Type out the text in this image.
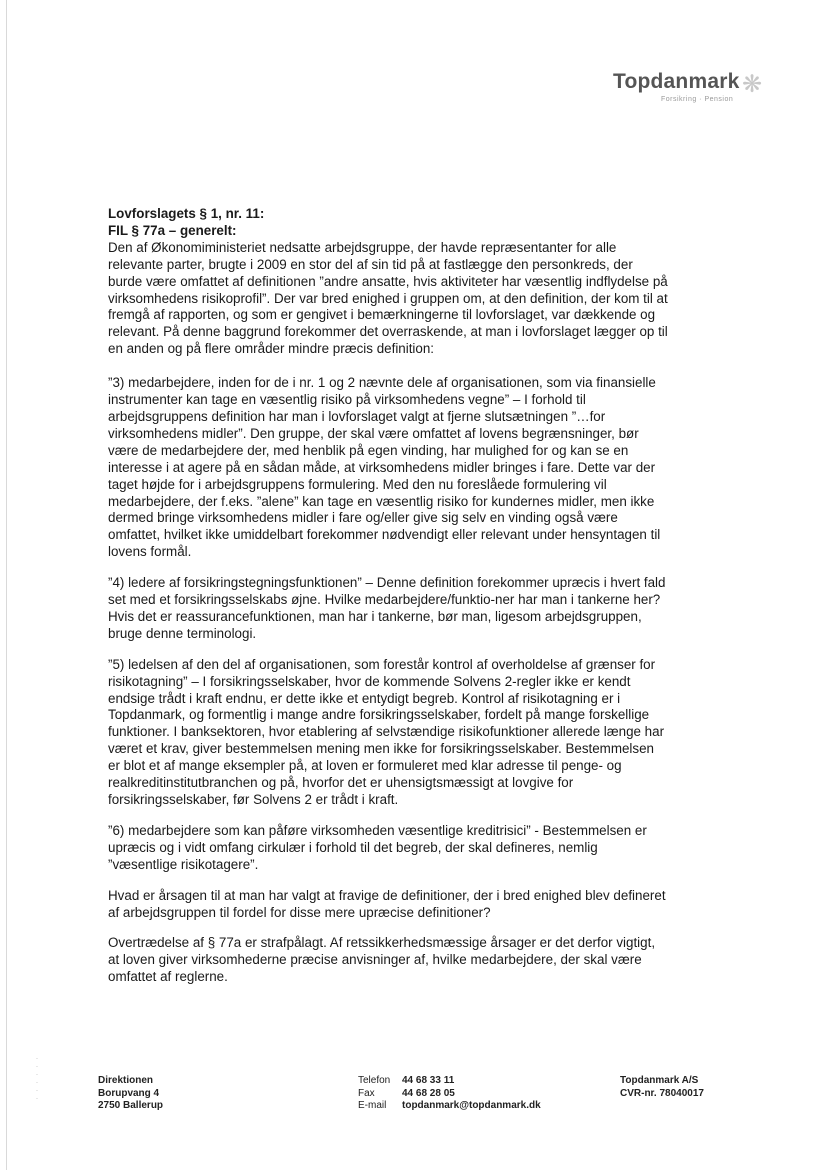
Topdanmark
Forsikring · Pension
❋
Lovforslagets § 1, nr. 11:
FIL § 77a – generelt:

Den af Økonomiministeriet nedsatte arbejdsgruppe, der havde repræsentanter for alle relevante parter, brugte i 2009 en stor del af sin tid på at fastlægge den personkreds, der burde være omfattet af definitionen ”andre ansatte, hvis aktiviteter har væsentlig indflydelse på virksomhedens risikoprofil”. Der var bred enighed i gruppen om, at den definition, der kom til at fremgå af rapporten, og som er gengivet i bemærkningerne til lovforslaget, var dækkende og relevant. På denne baggrund forekommer det overraskende, at man i lovforslaget lægger op til en anden og på flere områder mindre præcis definition:

”3) medarbejdere, inden for de i nr. 1 og 2 nævnte dele af organisationen, som via finansielle instrumenter kan tage en væsentlig risiko på virksomhedens vegne” – I forhold til arbejdsgruppens definition har man i lovforslaget valgt at fjerne slutsætningen ”…for virksomhedens midler”. Den gruppe, der skal være omfattet af lovens begrænsninger, bør være de medarbejdere der, med henblik på egen vinding, har mulighed for og kan se en interesse i at agere på en sådan måde, at virksomhedens midler bringes i fare. Dette var der taget højde for i arbejdsgruppens formulering. Med den nu foreslåede formulering vil medarbejdere, der f.eks. ”alene” kan tage en væsentlig risiko for kundernes midler, men ikke dermed bringe virksomhedens midler i fare og/eller give sig selv en vinding også være omfattet, hvilket ikke umiddelbart forekommer nødvendigt eller relevant under hensyntagen til lovens formål.

”4) ledere af forsikringstegningsfunktionen” – Denne definition forekommer upræcis i hvert fald set med et forsikringsselskabs øjne. Hvilke medarbejdere/funktio-ner har man i tankerne her? Hvis det er reassurancefunktionen, man har i tankerne, bør man, ligesom arbejdsgruppen, bruge denne terminologi.

”5) ledelsen af den del af organisationen, som forestår kontrol af overholdelse af grænser for risikotagning” – I forsikringsselskaber, hvor de kommende Solvens 2-regler ikke er kendt endsige trådt i kraft endnu, er dette ikke et entydigt begreb. Kontrol af risikotagning er i Topdanmark, og formentlig i mange andre forsikringsselskaber, fordelt på mange forskellige funktioner. I banksektoren, hvor etablering af selvstændige risikofunktioner allerede længe har været et krav, giver bestemmelsen mening men ikke for forsikringsselskaber. Bestemmelsen er blot et af mange eksempler på, at loven er formuleret med klar adresse til penge- og realkreditinstitutbranchen og på, hvorfor det er uhensigtsmæssigt at lovgive for forsikringsselskaber, før Solvens 2 er trådt i kraft.

”6) medarbejdere som kan påføre virksomheden væsentlige kreditrisici” - Bestemmelsen er upræcis og i vidt omfang cirkulær i forhold til det begreb, der skal defineres, nemlig ”væsentlige risikotagere”.

Hvad er årsagen til at man har valgt at fravige de definitioner, der i bred enighed blev defineret af arbejdsgruppen til fordel for disse mere upræcise definitioner?

Overtrædelse af § 77a er strafpålagt. Af retssikkerhedsmæssige årsager er det derfor vigtigt, at loven giver virksomhederne præcise anvisninger af, hvilke medarbejdere, der skal være omfattet af reglerne.

·
·
·
·
·
·
Direktionen
Borupvang 4
2750 Ballerup
Telefon 44 68 33 11
Fax	44 68 28 05
E-mail topdanmark@topdanmark.dk
Topdanmark A/S
CVR-nr. 78040017
